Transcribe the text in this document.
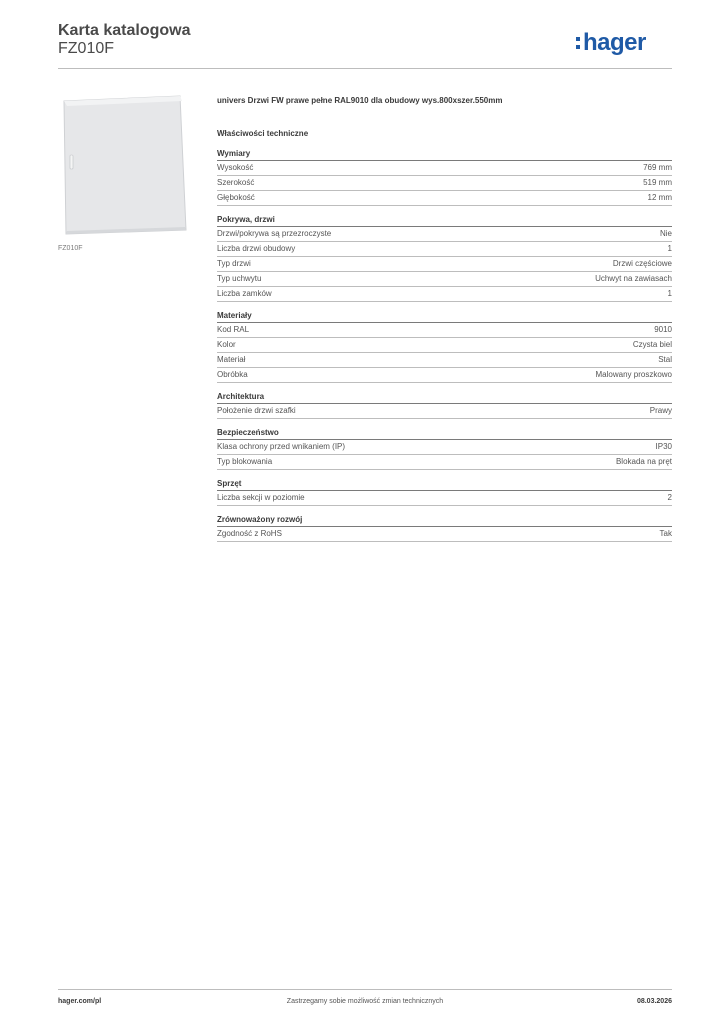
Karta katalogowa
FZ010F	hager
FZ010F
univers Drzwi FW prawe pełne RAL9010 dla obudowy wys.800xszer.550mm
Właściwości techniczne
Wymiary
Wysokość	769 mm
Szerokość	519 mm
Głębokość	12 mm
Pokrywa, drzwi
Drzwi/pokrywa są przezroczyste	Nie
Liczba drzwi obudowy	1
Typ drzwi	Drzwi częściowe
Typ uchwytu	Uchwyt na zawiasach
Liczba zamków	1
Materiały
Kod RAL	9010
Kolor	Czysta biel
Materiał	Stal
Obróbka	Malowany proszkowo
Architektura
Położenie drzwi szafki	Prawy
Bezpieczeństwo
Klasa ochrony przed wnikaniem (IP)	IP30
Typ blokowania	Blokada na pręt
Sprzęt
Liczba sekcji w poziomie	2
Zrównoważony rozwój
Zgodność z RoHS	Tak
hager.com/pl	Zastrzegamy sobie możliwość zmian technicznych	08.03.2026
